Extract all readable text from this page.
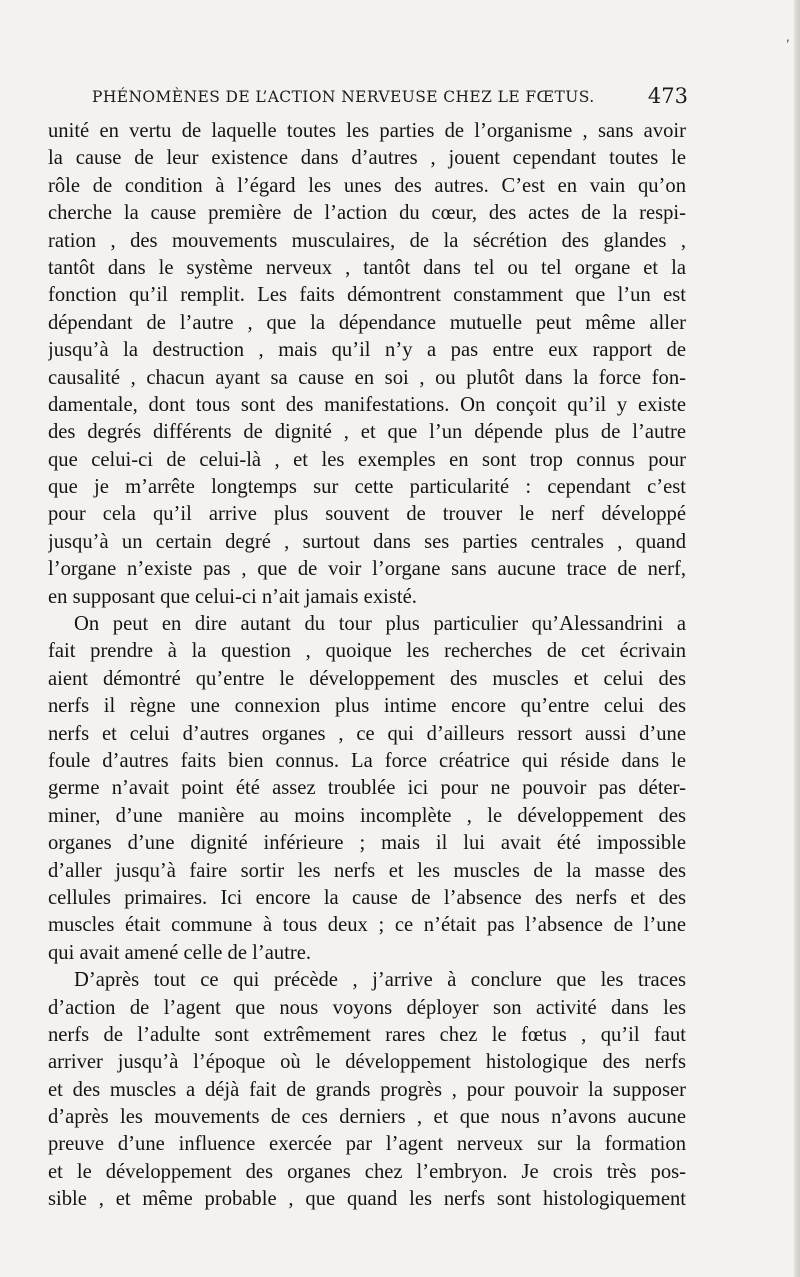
PHÉNOMÈNES DE L’ACTION NERVEUSE CHEZ LE FŒTUS.	473
,

unité en vertu de laquelle toutes les parties de l’organisme , sans avoir
la cause de leur existence dans d’autres , jouent cependant toutes le
rôle de condition à l’égard les unes des autres. C’est en vain qu’on
cherche la cause première de l’action du cœur, des actes de la respi-
ration , des mouvements musculaires, de la sécrétion des glandes ,
tantôt dans le système nerveux , tantôt dans tel ou tel organe et la
fonction qu’il remplit. Les faits démontrent constamment que l’un est
dépendant de l’autre , que la dépendance mutuelle peut même aller
jusqu’à la destruction , mais qu’il n’y a pas entre eux rapport de
causalité , chacun ayant sa cause en soi , ou plutôt dans la force fon-
damentale, dont tous sont des manifestations. On conçoit qu’il y existe
des degrés différents de dignité , et que l’un dépende plus de l’autre
que celui-ci de celui-là , et les exemples en sont trop connus pour
que je m’arrête longtemps sur cette particularité : cependant c’est
pour cela qu’il arrive plus souvent de trouver le nerf développé
jusqu’à un certain degré , surtout dans ses parties centrales , quand
l’organe n’existe pas , que de voir l’organe sans aucune trace de nerf,
en supposant que celui-ci n’ait jamais existé.

On peut en dire autant du tour plus particulier qu’Alessandrini a
fait prendre à la question , quoique les recherches de cet écrivain
aient démontré qu’entre le développement des muscles et celui des
nerfs il règne une connexion plus intime encore qu’entre celui des
nerfs et celui d’autres organes , ce qui d’ailleurs ressort aussi d’une
foule d’autres faits bien connus. La force créatrice qui réside dans le
germe n’avait point été assez troublée ici pour ne pouvoir pas déter-
miner, d’une manière au moins incomplète , le développement des
organes d’une dignité inférieure ; mais il lui avait été impossible
d’aller jusqu’à faire sortir les nerfs et les muscles de la masse des
cellules primaires. Ici encore la cause de l’absence des nerfs et des
muscles était commune à tous deux ; ce n’était pas l’absence de l’une
qui avait amené celle de l’autre.

D’après tout ce qui précède , j’arrive à conclure que les traces
d’action de l’agent que nous voyons déployer son activité dans les
nerfs de l’adulte sont extrêmement rares chez le fœtus , qu’il faut
arriver jusqu’à l’époque où le développement histologique des nerfs
et des muscles a déjà fait de grands progrès , pour pouvoir la supposer
d’après les mouvements de ces derniers , et que nous n’avons aucune
preuve d’une influence exercée par l’agent nerveux sur la formation
et le développement des organes chez l’embryon. Je crois très pos-
sible , et même probable , que quand les nerfs sont histologiquement
